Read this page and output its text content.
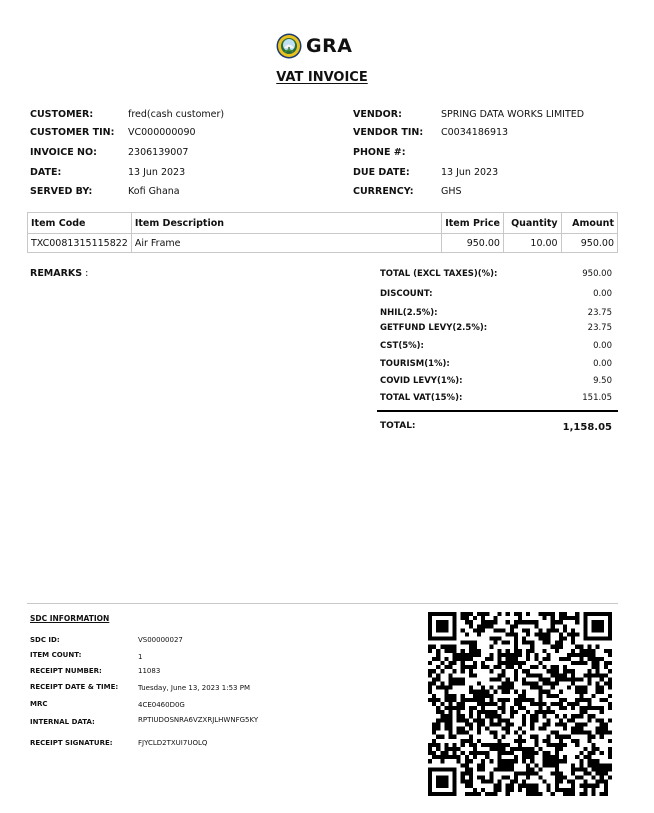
GRA
VAT INVOICE
CUSTOMER:	fred(cash customer)
CUSTOMER TIN: VC000000090
INVOICE NO:	2306139007
DATE:	13 Jun 2023
SERVED BY:	Kofi Ghana
VENDOR:	SPRING DATA WORKS LIMITED
VENDOR TIN: C0034186913
PHONE #:
DUE DATE:	13 Jun 2023
CURRENCY:	GHS
Item Code	Item Description	Item Price	Quantity	Amount
TXC0081315115822	Air Frame	950.00	10.00	950.00
REMARKS :	TOTAL (EXCL TAXES)(%):	950.00
DISCOUNT:	0.00
NHIL(2.5%):	23.75
GETFUND LEVY(2.5%):	23.75
CST(5%):	0.00
TOURISM(1%):	0.00
COVID LEVY(1%):	9.50
TOTAL VAT(15%):	151.05
TOTAL:	1,158.05
SDC INFORMATION
SDC ID:	VS00000027
ITEM COUNT:	1
RECEIPT NUMBER:	11083
RECEIPT DATE & TIME:	Tuesday, June 13, 2023 1:53 PM
MRC	4CE0460D0G
INTERNAL DATA:	RPTIUDOSNRA6VZXRJLHWNFG5KY
RECEIPT SIGNATURE:	FJYCLD2TXUI7UOLQ
